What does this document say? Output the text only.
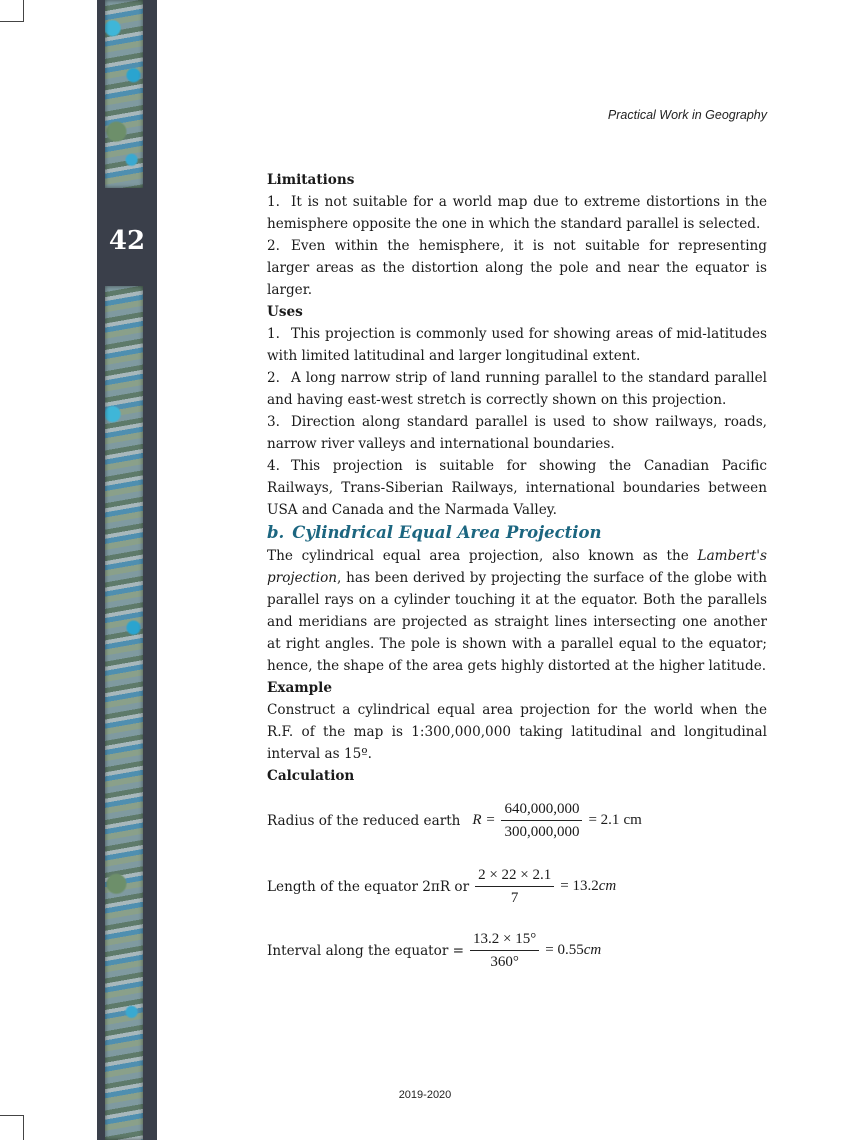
42
Practical Work in Geography

Limitations

1. It is not suitable for a world map due to extreme distortions in the hemisphere opposite the one in which the standard parallel is selected.

2. Even within the hemisphere, it is not suitable for representing larger areas as the distortion along the pole and near the equator is larger.

Uses

1. This projection is commonly used for showing areas of mid-latitudes with limited latitudinal and larger longitudinal extent.

2. A long narrow strip of land running parallel to the standard parallel and having east-west stretch is correctly shown on this projection.

3. Direction along standard parallel is used to show railways, roads, narrow river valleys and international boundaries.

4. This projection is suitable for showing the Canadian Pacific Railways, Trans-Siberian Railways, international boundaries between USA and Canada and the Narmada Valley.

b. Cylindrical Equal Area Projection

The cylindrical equal area projection, also known as the Lambert's projection, has been derived by projecting the surface of the globe with parallel rays on a cylinder touching it at the equator. Both the parallels and meridians are projected as straight lines intersecting one another at right angles. The pole is shown with a parallel equal to the equator; hence, the shape of the area gets highly distorted at the higher latitude.

Example

Construct a cylindrical equal area projection for the world when the R.F. of the map is 1:300,000,000 taking latitudinal and longitudinal interval as 15º.

Calculation

Radius of the reduced earth $R = \frac{640,000,000}{300,000,000} = 2.1$ cm
Length of the equator 2πR or $\frac{2 \times 22 \times 2.1}{7} = 13.2$ cm
Interval along the equator = $\frac{13.2 \times 15^\circ}{360^\circ} = 0.55$ cm
2019-2020
